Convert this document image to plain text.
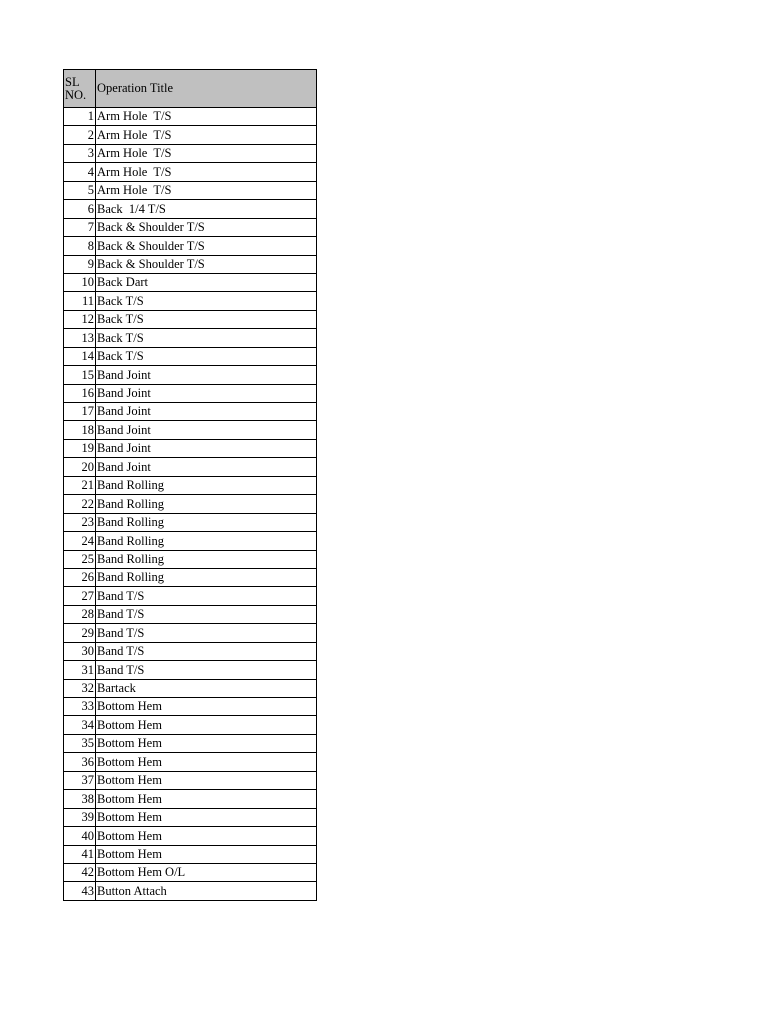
SL
NO.	Operation Title
1	Arm Hole  T/S
2	Arm Hole  T/S
3	Arm Hole  T/S
4	Arm Hole  T/S
5	Arm Hole  T/S
6	Back  1/4 T/S
7	Back & Shoulder T/S
8	Back & Shoulder T/S
9	Back & Shoulder T/S
10	Back Dart
11	Back T/S
12	Back T/S
13	Back T/S
14	Back T/S
15	Band Joint
16	Band Joint
17	Band Joint
18	Band Joint
19	Band Joint
20	Band Joint
21	Band Rolling
22	Band Rolling
23	Band Rolling
24	Band Rolling
25	Band Rolling
26	Band Rolling
27	Band T/S
28	Band T/S
29	Band T/S
30	Band T/S
31	Band T/S
32	Bartack
33	Bottom Hem
34	Bottom Hem
35	Bottom Hem
36	Bottom Hem
37	Bottom Hem
38	Bottom Hem
39	Bottom Hem
40	Bottom Hem
41	Bottom Hem
42	Bottom Hem O/L
43	Button Attach
